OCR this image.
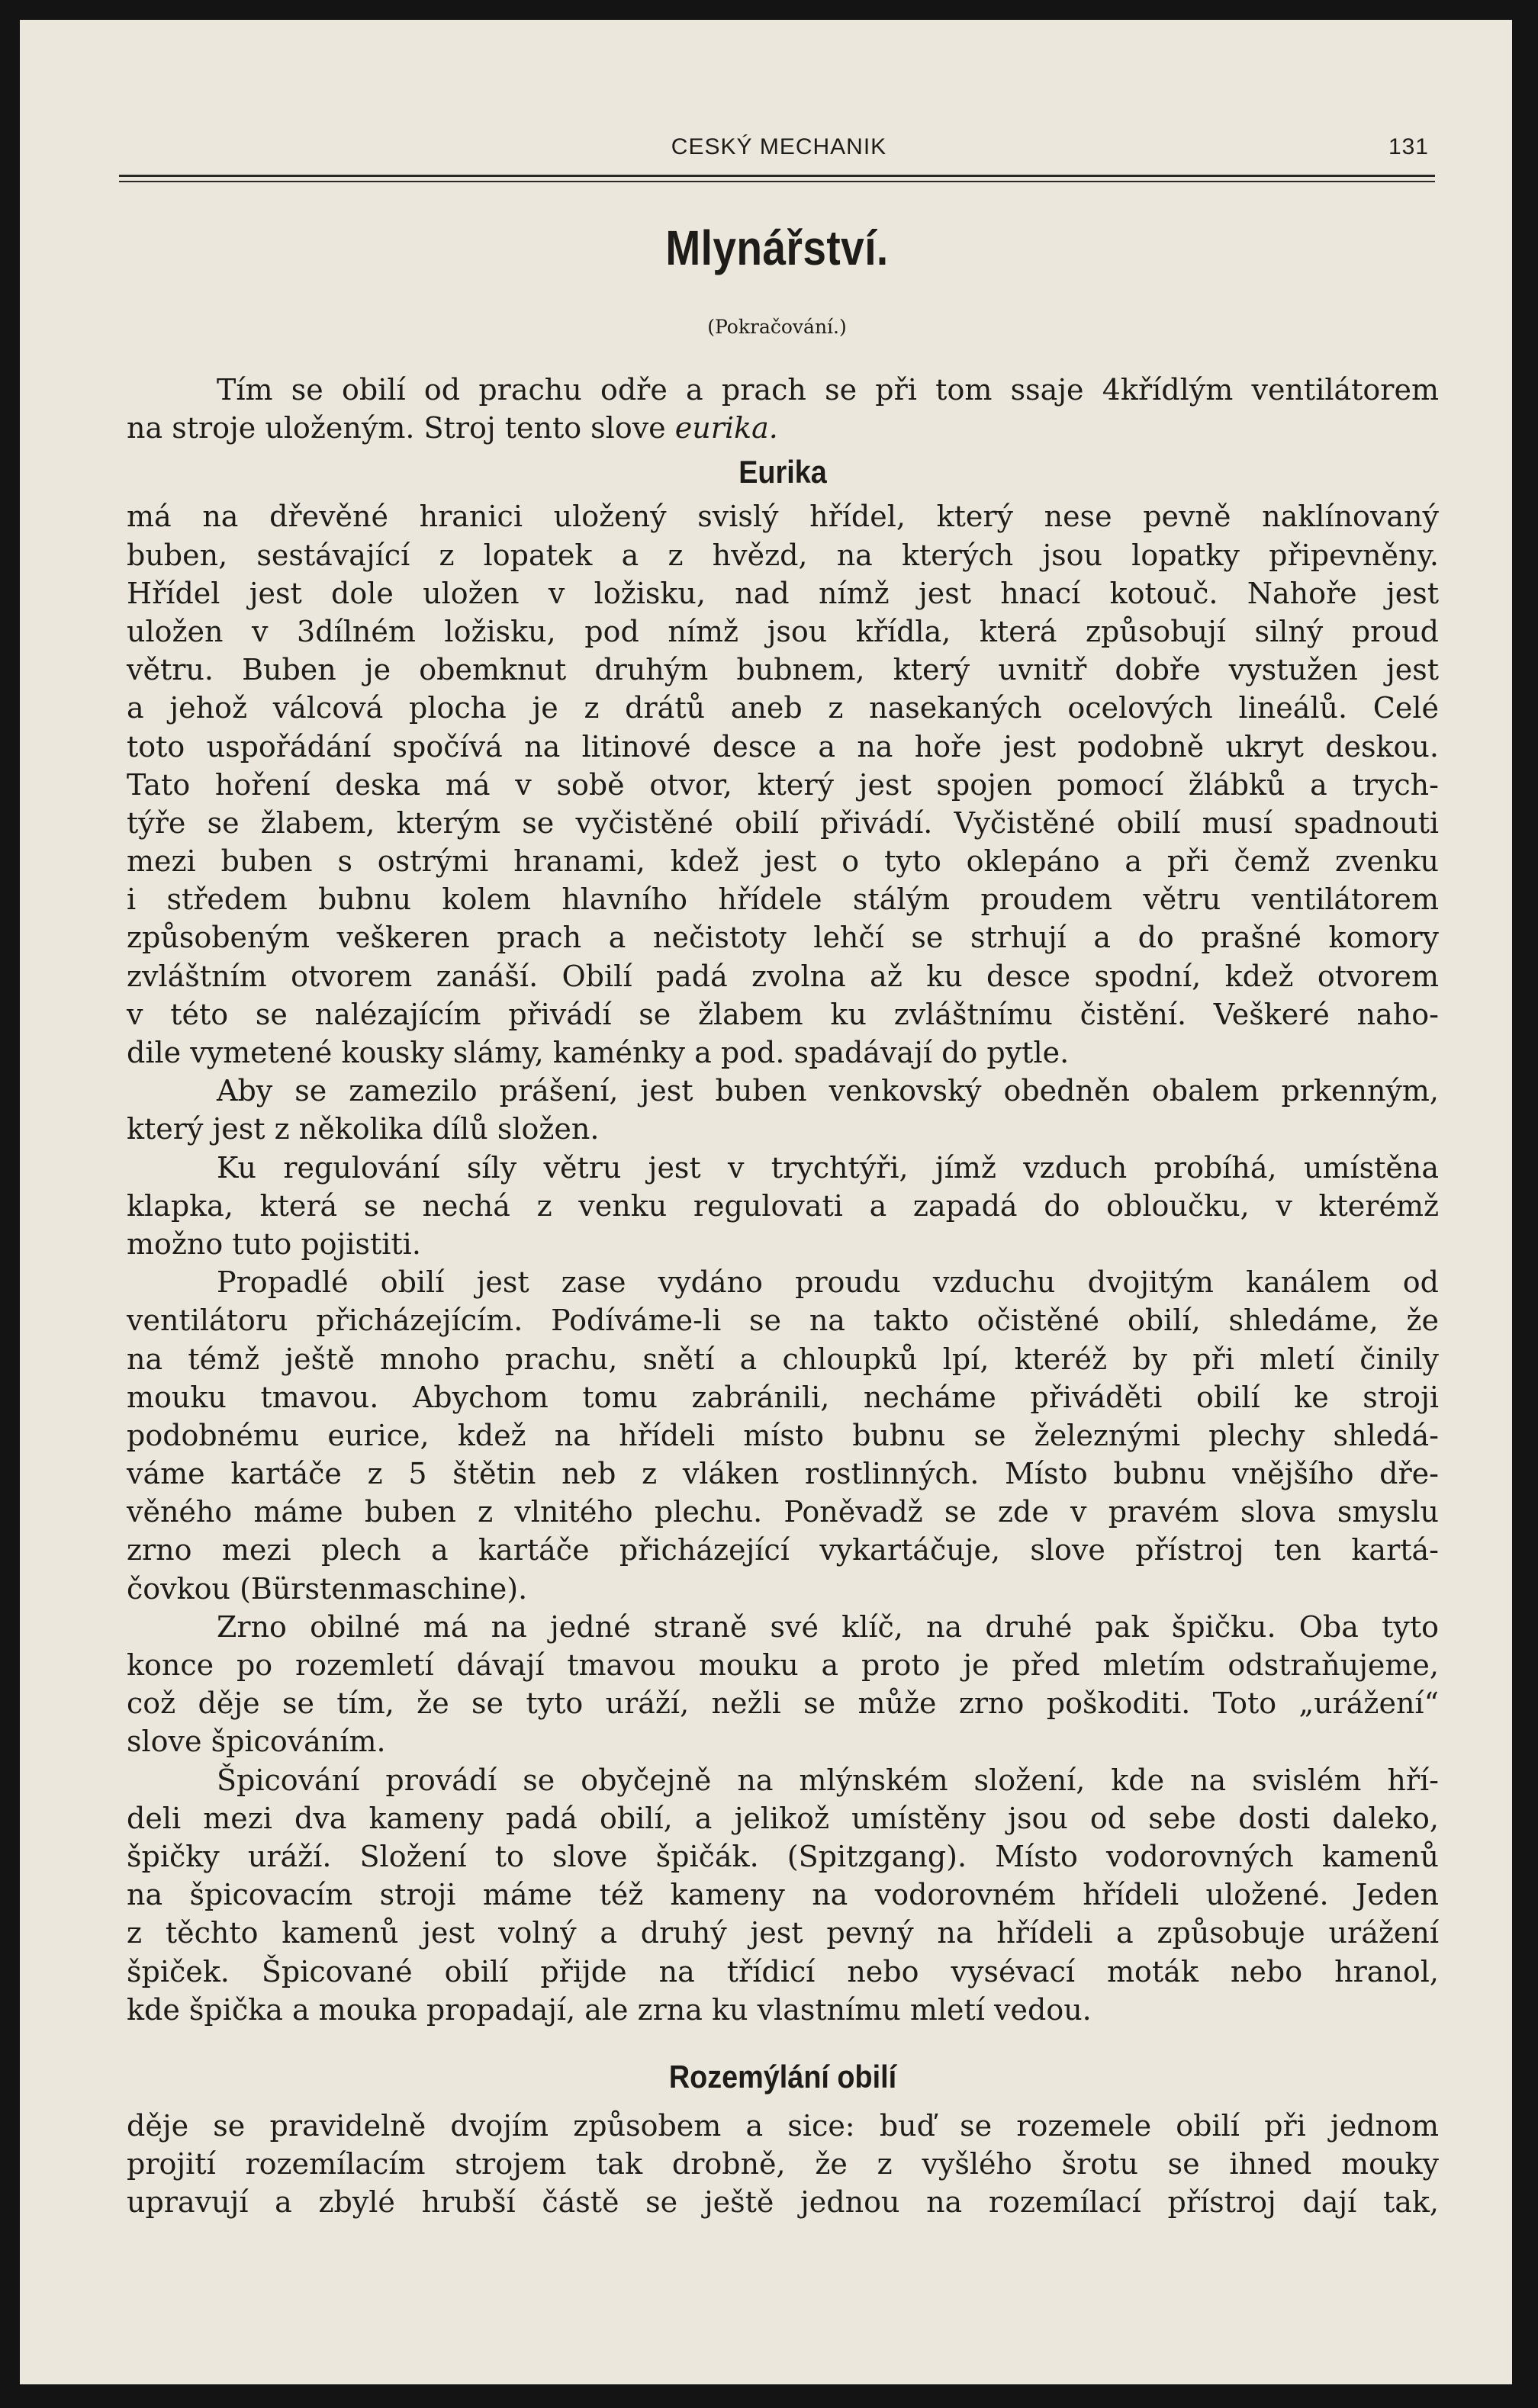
CESKÝ MECHANIK	131
Mlynářství.
(Pokračování.)
Tím se obilí od prachu odře a prach se při tom ssaje 4křídlým ventilátorem
na stroje uloženým. Stroj tento slove eurika.
Eurika
má na dřevěné hranici uložený svislý hřídel, který nese pevně naklínovaný
buben, sestávající z lopatek a z hvězd, na kterých jsou lopatky připevněny.
Hřídel jest dole uložen v ložisku, nad nímž jest hnací kotouč. Nahoře jest
uložen v 3dílném ložisku, pod nímž jsou křídla, která způsobují silný proud
větru. Buben je obemknut druhým bubnem, který uvnitř dobře vystužen jest
a jehož válcová plocha je z drátů aneb z nasekaných ocelových lineálů. Celé
toto uspořádání spočívá na litinové desce a na hoře jest podobně ukryt deskou.
Tato hoření deska má v sobě otvor, který jest spojen pomocí žlábků a trych-
týře se žlabem, kterým se vyčistěné obilí přivádí. Vyčistěné obilí musí spadnouti
mezi buben s ostrými hranami, kdež jest o tyto oklepáno a při čemž zvenku
i středem bubnu kolem hlavního hřídele stálým proudem větru ventilátorem
způsobeným veškeren prach a nečistoty lehčí se strhují a do prašné komory
zvláštním otvorem zanáší. Obilí padá zvolna až ku desce spodní, kdež otvorem
v této se nalézajícím přivádí se žlabem ku zvláštnímu čistění. Veškeré naho-
dile vymetené kousky slámy, kaménky a pod. spadávají do pytle.
Aby se zamezilo prášení, jest buben venkovský obedněn obalem prkenným,
který jest z několika dílů složen.
Ku regulování síly větru jest v trychtýři, jímž vzduch probíhá, umístěna
klapka, která se nechá z venku regulovati a zapadá do obloučku, v kterémž
možno tuto pojistiti.
Propadlé obilí jest zase vydáno proudu vzduchu dvojitým kanálem od
ventilátoru přicházejícím. Podíváme-li se na takto očistěné obilí, shledáme, že
na témž ještě mnoho prachu, snětí a chloupků lpí, kteréž by při mletí činily
mouku tmavou. Abychom tomu zabránili, necháme přiváděti obilí ke stroji
podobnému eurice, kdež na hřídeli místo bubnu se železnými plechy shledá-
váme kartáče z 5 štětin neb z vláken rostlinných. Místo bubnu vnějšího dře-
věného máme buben z vlnitého plechu. Poněvadž se zde v pravém slova smyslu
zrno mezi plech a kartáče přicházející vykartáčuje, slove přístroj ten kartá-
čovkou (Bürstenmaschine).
Zrno obilné má na jedné straně své klíč, na druhé pak špičku. Oba tyto
konce po rozemletí dávají tmavou mouku a proto je před mletím odstraňujeme,
což děje se tím, že se tyto uráží, nežli se může zrno poškoditi. Toto „urážení“
slove špicováním.
Špicování provádí se obyčejně na mlýnském složení, kde na svislém hří-
deli mezi dva kameny padá obilí, a jelikož umístěny jsou od sebe dosti daleko,
špičky uráží. Složení to slove špičák. (Spitzgang). Místo vodorovných kamenů
na špicovacím stroji máme též kameny na vodorovném hřídeli uložené. Jeden
z těchto kamenů jest volný a druhý jest pevný na hřídeli a způsobuje urážení
špiček. Špicované obilí přijde na třídicí nebo vysévací moták nebo hranol,
kde špička a mouka propadají, ale zrna ku vlastnímu mletí vedou.
Rozemýlání obilí
děje se pravidelně dvojím způsobem a sice: buď se rozemele obilí při jednom
projití rozemílacím strojem tak drobně, že z vyšlého šrotu se ihned mouky
upravují a zbylé hrubší částě se ještě jednou na rozemílací přístroj dají tak,
